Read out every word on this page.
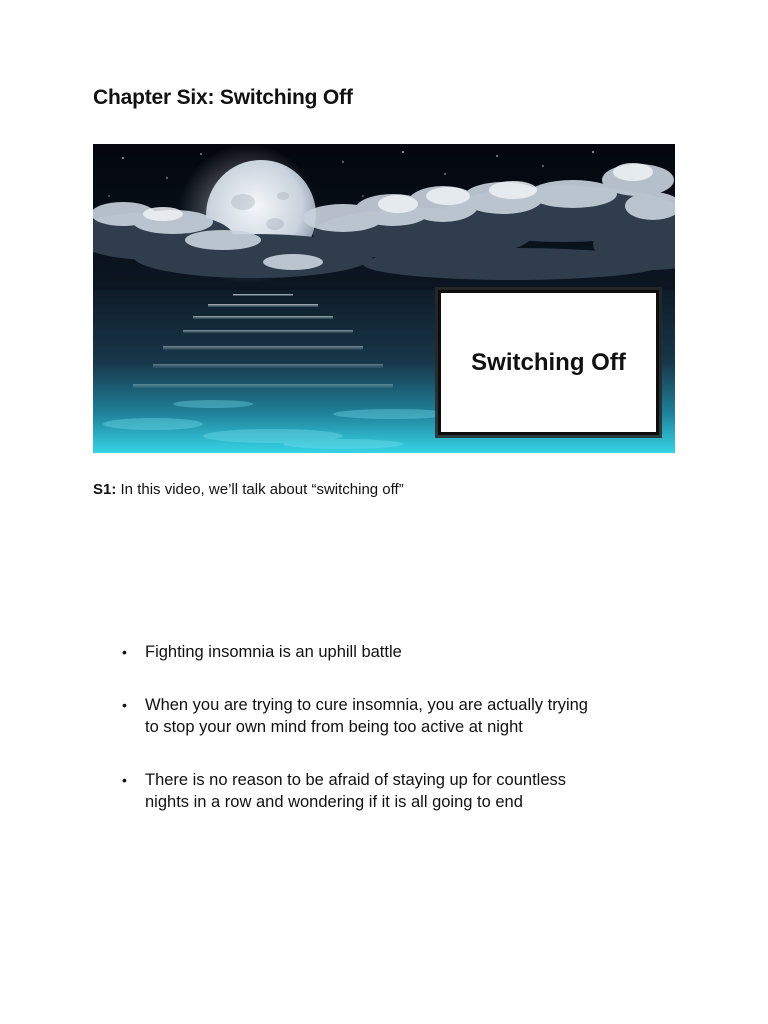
Chapter Six: Switching Off
Switching Off
S1: In this video, we’ll talk about “switching off”
• Fighting insomnia is an uphill battle
• When you are trying to cure insomnia, you are actually trying
to stop your own mind from being too active at night
• There is no reason to be afraid of staying up for countless
nights in a row and wondering if it is all going to end
